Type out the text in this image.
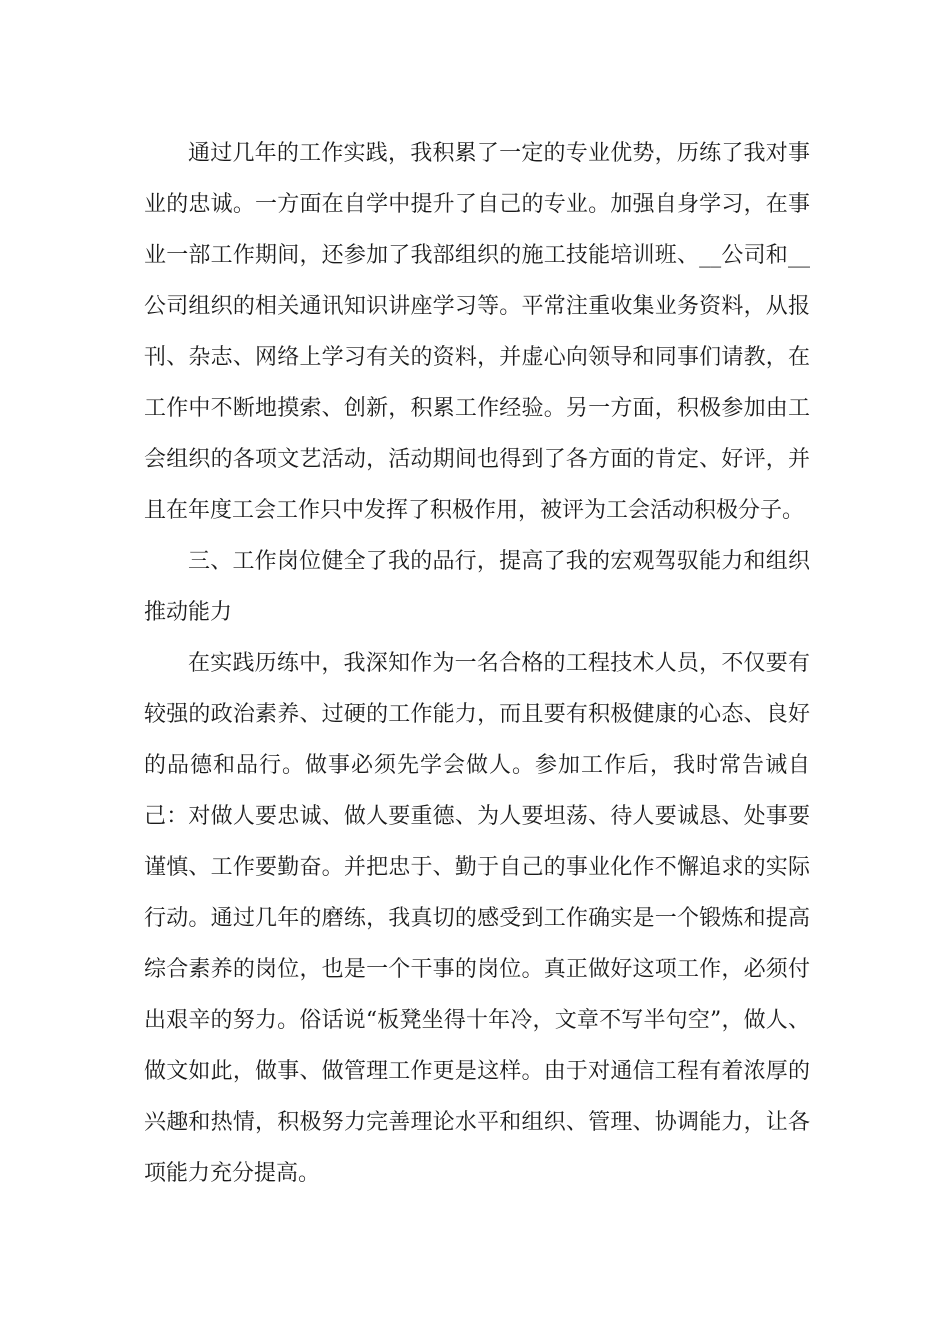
通过几年的工作实践，我积累了一定的专业优势，历练了我对事业的忠诚。一方面在自学中提升了自己的专业。加强自身学习，在事业一部工作期间，还参加了我部组织的施工技能培训班、__公司和__公司组织的相关通讯知识讲座学习等。平常注重收集业务资料，从报刊、杂志、网络上学习有关的资料，并虚心向领导和同事们请教，在工作中不断地摸索、创新，积累工作经验。另一方面，积极参加由工会组织的各项文艺活动，活动期间也得到了各方面的肯定、好评，并且在年度工会工作只中发挥了积极作用，被评为工会活动积极分子。

三、工作岗位健全了我的品行，提高了我的宏观驾驭能力和组织推动能力

在实践历练中，我深知作为一名合格的工程技术人员，不仅要有较强的政治素养、过硬的工作能力，而且要有积极健康的心态、良好的品德和品行。做事必须先学会做人。参加工作后，我时常告诫自己：对做人要忠诚、做人要重德、为人要坦荡、待人要诚恳、处事要谨慎、工作要勤奋。并把忠于、勤于自己的事业化作不懈追求的实际行动。通过几年的磨练，我真切的感受到工作确实是一个锻炼和提高综合素养的岗位，也是一个干事的岗位。真正做好这项工作，必须付出艰辛的努力。俗话说“板凳坐得十年冷，文章不写半句空”，做人、做文如此，做事、做管理工作更是这样。由于对通信工程有着浓厚的兴趣和热情，积极努力完善理论水平和组织、管理、协调能力，让各项能力充分提高。
